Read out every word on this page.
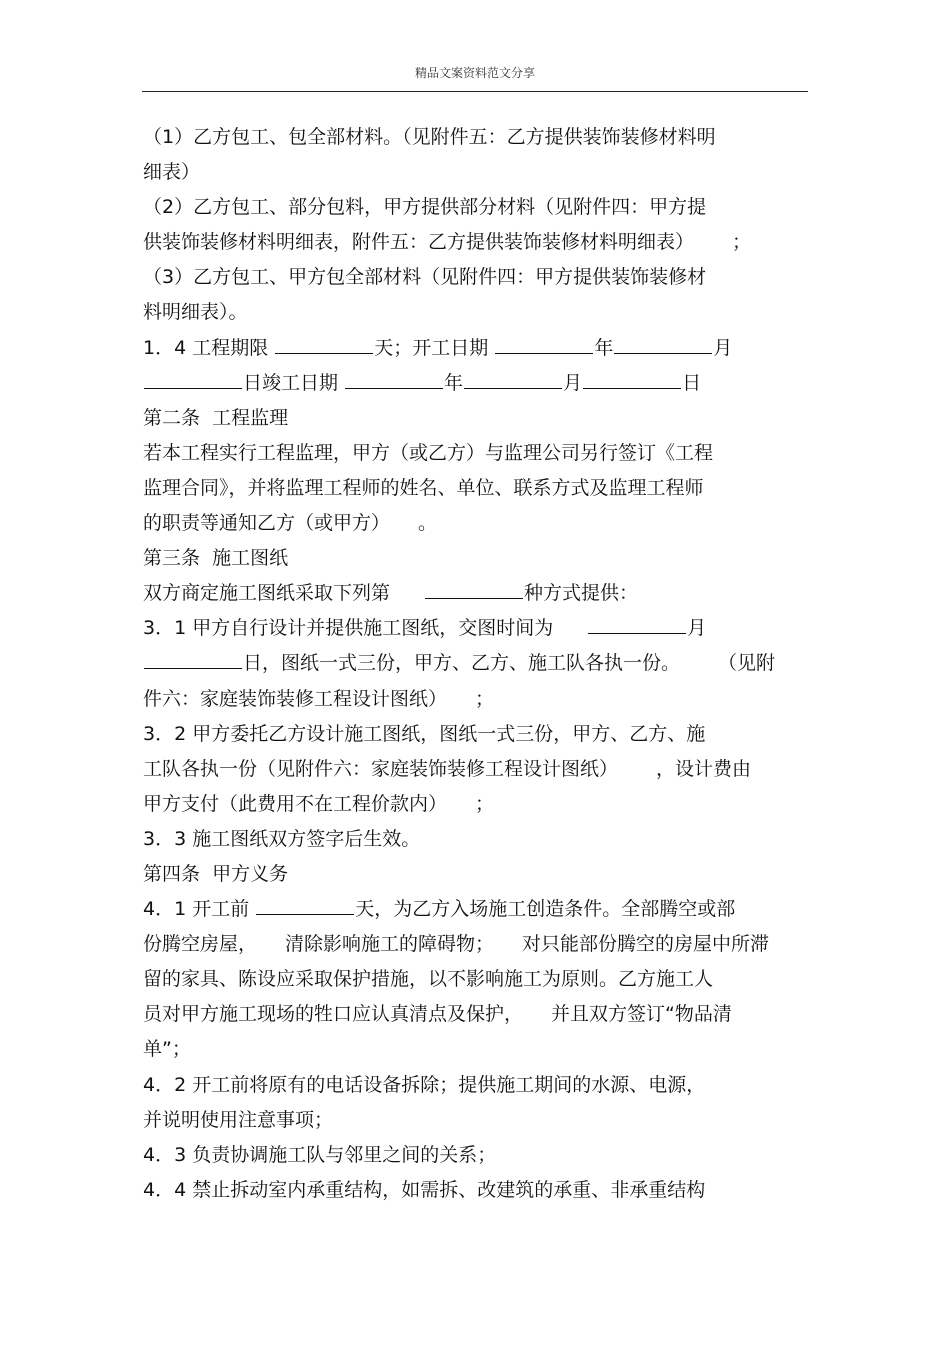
精品文案资料范文分享
（1）乙方包工、包全部材料。（见附件五：乙方提供装饰装修材料明
细表）
（2）乙方包工、部分包料，甲方提供部分材料（见附件四：甲方提
供装饰装修材料明细表，附件五：乙方提供装饰装修材料明细表） ；
（3）乙方包工、甲方包全部材料（见附件四：甲方提供装饰装修材
料明细表）。
1．4 工程期限	天；开工日期	年	月
日竣工日期	年	月	日
第二条  工程监理
若本工程实行工程监理，甲方（或乙方）与监理公司另行签订《工程
监理合同》，并将监理工程师的姓名、单位、联系方式及监理工程师
的职责等通知乙方（或甲方） 。
第三条  施工图纸
双方商定施工图纸采取下列第	种方式提供：
3．1 甲方自行设计并提供施工图纸，交图时间为	月
日，图纸一式三份，甲方、乙方、施工队各执一份。 （见附
件六：家庭装饰装修工程设计图纸） ；
3．2 甲方委托乙方设计施工图纸，图纸一式三份，甲方、乙方、施
工队各执一份（见附件六：家庭装饰装修工程设计图纸） ，设计费由
甲方支付（此费用不在工程价款内） ；
3．3 施工图纸双方签字后生效。
第四条  甲方义务
4．1 开工前	天，为乙方入场施工创造条件。全部腾空或部
份腾空房屋， 清除影响施工的障碍物； 对只能部份腾空的房屋中所滞
留的家具、陈设应采取保护措施，以不影响施工为原则。乙方施工人
员对甲方施工现场的牲口应认真清点及保护， 并且双方签订“物品清
单”；
4．2 开工前将原有的电话设备拆除；提供施工期间的水源、电源，
并说明使用注意事项；
4．3 负责协调施工队与邻里之间的关系；
4．4 禁止拆动室内承重结构，如需拆、改建筑的承重、非承重结构
